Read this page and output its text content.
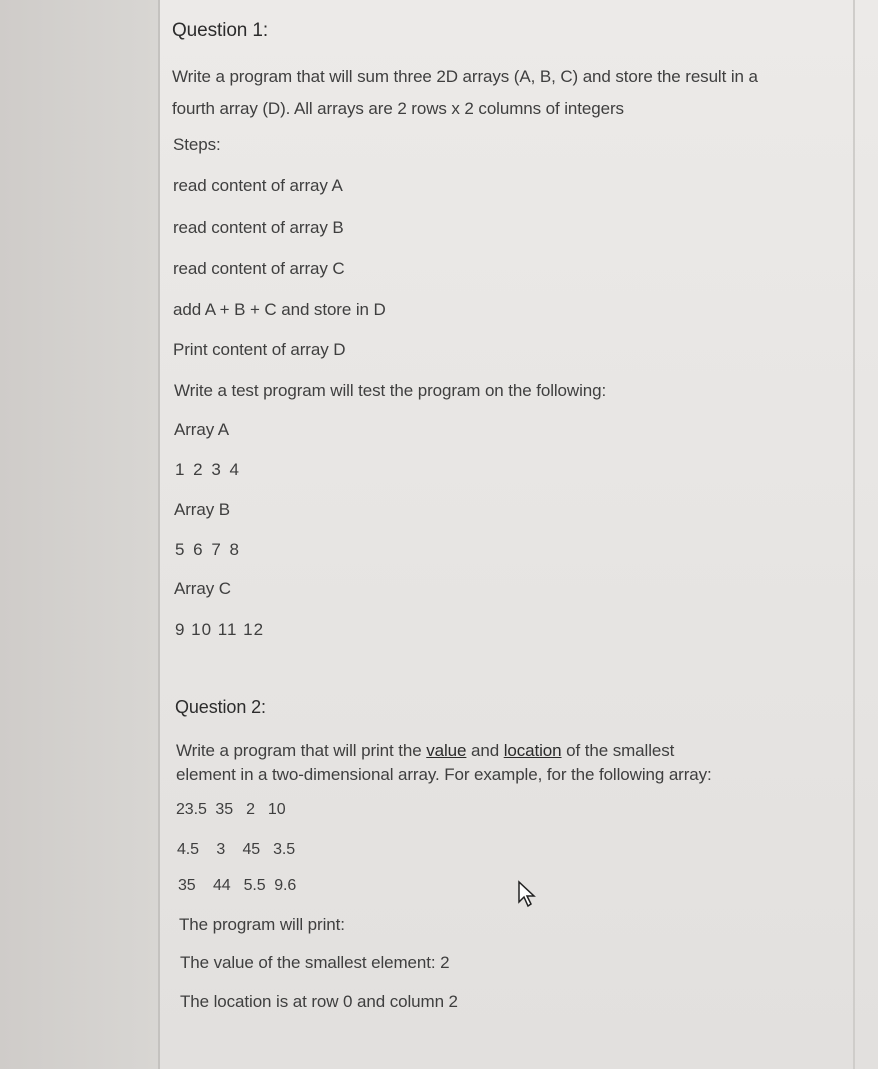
Question 1:
Write a program that will sum three 2D arrays (A, B, C) and store the result in a fourth array (D). All arrays are 2 rows x 2 columns of integers
Steps:
read content of array A
read content of array B
read content of array C
add A + B + C and store in D
Print content of array D
Write a test program will test the program on the following:
Array A
1 2 3 4
Array B
5 6 7 8
Array C
9 10 11 12
Question 2:
Write a program that will print the value and location of the smallest
element in a two-dimensional array. For example, for the following array:
23.5  35   2   10
4.5    3    45   3.5
35    44   5.5  9.6
The program will print:
The value of the smallest element: 2
The location is at row 0 and column 2
